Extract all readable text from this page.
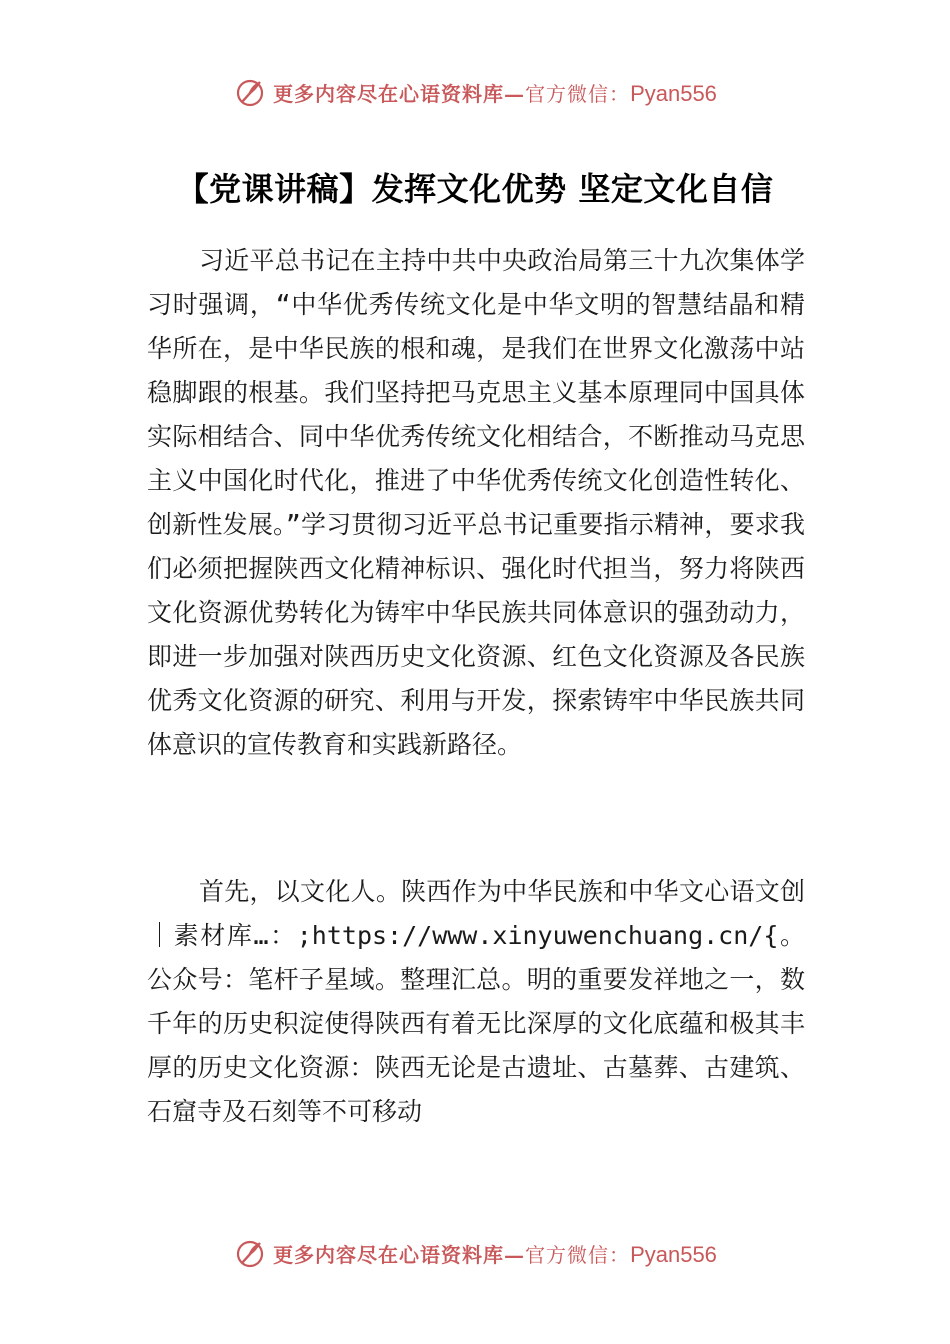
更多内容尽在心语资料库—官方微信：Pyan556
【党课讲稿】发挥文化优势 坚定文化自信

习近平总书记在主持中共中央政治局第三十九次集体学习时强调，“中华优秀传统文化是中华文明的智慧结晶和精华所在，是中华民族的根和魂，是我们在世界文化激荡中站稳脚跟的根基。我们坚持把马克思主义基本原理同中国具体实际相结合、同中华优秀传统文化相结合，不断推动马克思主义中国化时代化，推进了中华优秀传统文化创造性转化、创新性发展。”学习贯彻习近平总书记重要指示精神，要求我们必须把握陕西文化精神标识、强化时代担当，努力将陕西文化资源优势转化为铸牢中华民族共同体意识的强劲动力，即进一步加强对陕西历史文化资源、红色文化资源及各民族优秀文化资源的研究、利用与开发，探索铸牢中华民族共同体意识的宣传教育和实践新路径。

首先，以文化人。陕西作为中华民族和中华文心语文创｜素材库…：;https://www.xinyuwenchuang.cn/{。公众号：笔杆子星域。整理汇总。明的重要发祥地之一，数千年的历史积淀使得陕西有着无比深厚的文化底蕴和极其丰厚的历史文化资源：陕西无论是古遗址、古墓葬、古建筑、石窟寺及石刻等不可移动

更多内容尽在心语资料库—官方微信：Pyan556
